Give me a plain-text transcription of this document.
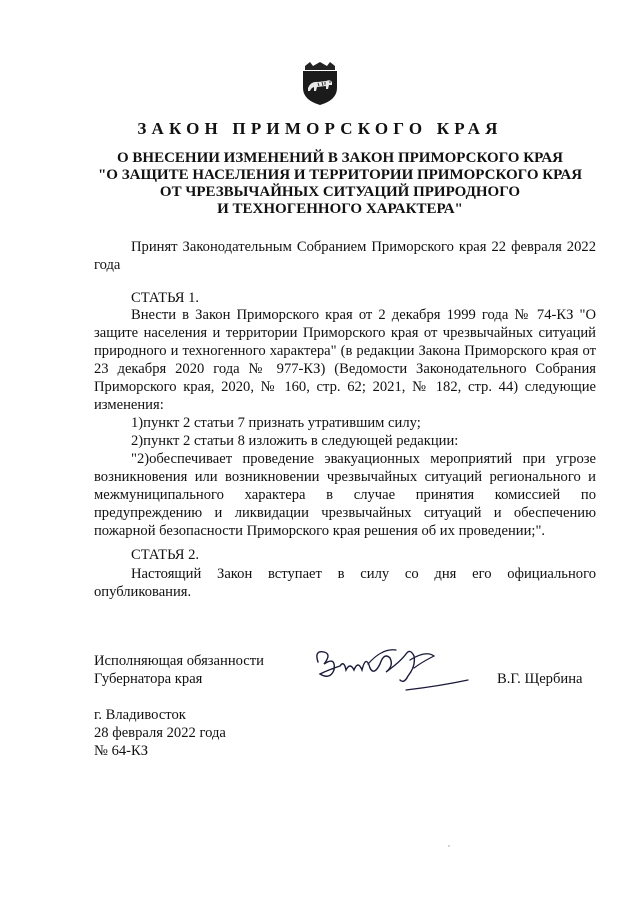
ЗАКОН ПРИМОРСКОГО КРАЯ
О ВНЕСЕНИИ ИЗМЕНЕНИЙ В ЗАКОН ПРИМОРСКОГО КРАЯ
"О ЗАЩИТЕ НАСЕЛЕНИЯ И ТЕРРИТОРИИ ПРИМОРСКОГО КРАЯ
ОТ ЧРЕЗВЫЧАЙНЫХ СИТУАЦИЙ ПРИРОДНОГО
И ТЕХНОГЕННОГО ХАРАКТЕРА"
Принят Законодательным Собранием Приморского края 22 февраля 2022 года
СТАТЬЯ 1.
Внести в Закон Приморского края от 2 декабря 1999 года № 74-КЗ "О защите населения и территории Приморского края от чрезвычайных ситуаций природного и техногенного характера" (в редакции Закона Приморского края от 23 декабря 2020 года № 977-КЗ) (Ведомости Законодательного Собрания Приморского края, 2020, № 160, стр. 62; 2021, № 182, стр. 44) следующие изменения:
1)пункт 2 статьи 7 признать утратившим силу;
2)пункт 2 статьи 8 изложить в следующей редакции:
"2)обеспечивает проведение эвакуационных мероприятий при угрозе возникновения или возникновении чрезвычайных ситуаций регионального и межмуниципального характера в случае принятия комиссией по предупреждению и ликвидации чрезвычайных ситуаций и обеспечению пожарной безопасности Приморского края решения об их проведении;".
СТАТЬЯ 2.
Настоящий Закон вступает в силу со дня его официального опубликования.
Исполняющая обязанности
Губернатора края	В.Г. Щербина
г. Владивосток
28 февраля 2022 года
№ 64-КЗ
